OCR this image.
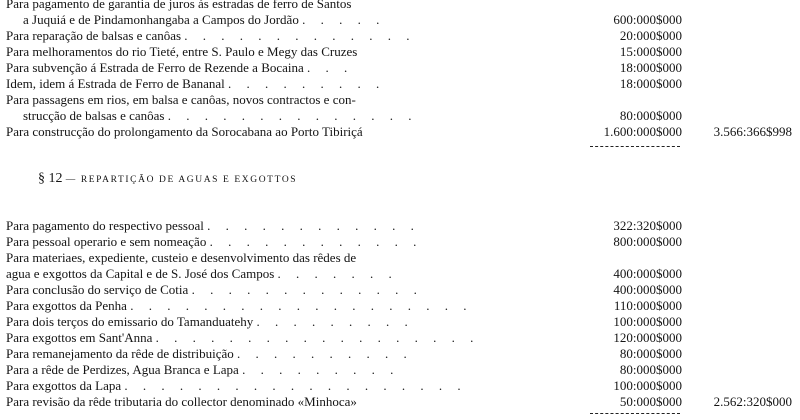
Para pagamento de garantia de juros ás estradas de ferro de Santos
a Juquiá e de Pindamonhangaba a Campos do Jordão . . . . .	600:000$000
Para reparação de balsas e canôas . . . . . . . . . . . . .	20:000$000
Para melhoramentos do rio Tieté, entre S. Paulo e Megy das Cruzes	15:000$000
Para subvenção á Estrada de Ferro de Rezende a Bocaina . . .	18:000$000
Idem, idem á Estrada de Ferro de Bananal . . . . . . . . .	18:000$000
Para passagens em rios, em balsa e canôas, novos contractos e con-
strucção de balsas e canôas . . . . . . . . . . . . . .	80:000$000
Para construcção do prolongamento da Sorocabana ao Porto Tibiriçá	1.600:000$000 3.566:366$998
§ 12 — REPARTIÇÃO DE AGUAS E EXGOTTOS
Para pagamento do respectivo pessoal . . . . . . . . . . . .	322:320$000
Para pessoal operario e sem nomeação . . . . . . . . . . . .	800:000$000
Para materiaes, expediente, custeio e desenvolvimento das rêdes de
agua e exgottos da Capital e de S. José dos Campos . . . . . . .	400:000$000
Para conclusão do serviço de Cotia . . . . . . . . . . . . .	400:000$000
Para exgottos da Penha . . . . . . . . . . . . . . . . . . .	110:000$000
Para dois terços do emissario do Tamanduatehy . . . . . . . . .	100:000$000
Para exgottos em Sant'Anna . . . . . . . . . . . . . . . . . .	120:000$000
Para remanejamento da rêde de distribuição . . . . . . . . . .	80:000$000
Para a rêde de Perdizes, Agua Branca e Lapa . . . . . . . . .	80:000$000
Para exgottos da Lapa . . . . . . . . . . . . . . . . . . .	100:000$000
Para revisão da rêde tributaria do collector denominado «Minhoca»	50:000$000 2.562:320$000
